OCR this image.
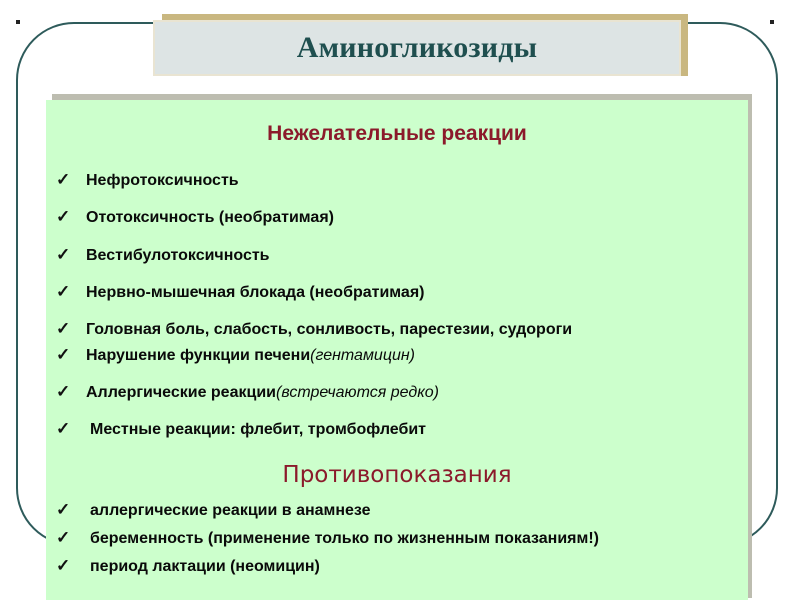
Аминогликозиды
Нежелательные реакции
✓ Нефротоксичность
✓ Ототоксичность (необратимая)
✓ Вестибулотоксичность
✓ Нервно-мышечная блокада (необратимая)
✓ Головная боль, слабость, сонливость, парестезии, судороги
✓ Нарушение функции печени (гентамицин)
✓ Аллергические реакции (встречаются редко)
✓	Местные реакции: флебит, тромбофлебит
Противопоказания
✓	аллергические реакции в анамнезе
✓	беременность (применение только по жизненным показаниям!)
✓	период лактации (неомицин)
